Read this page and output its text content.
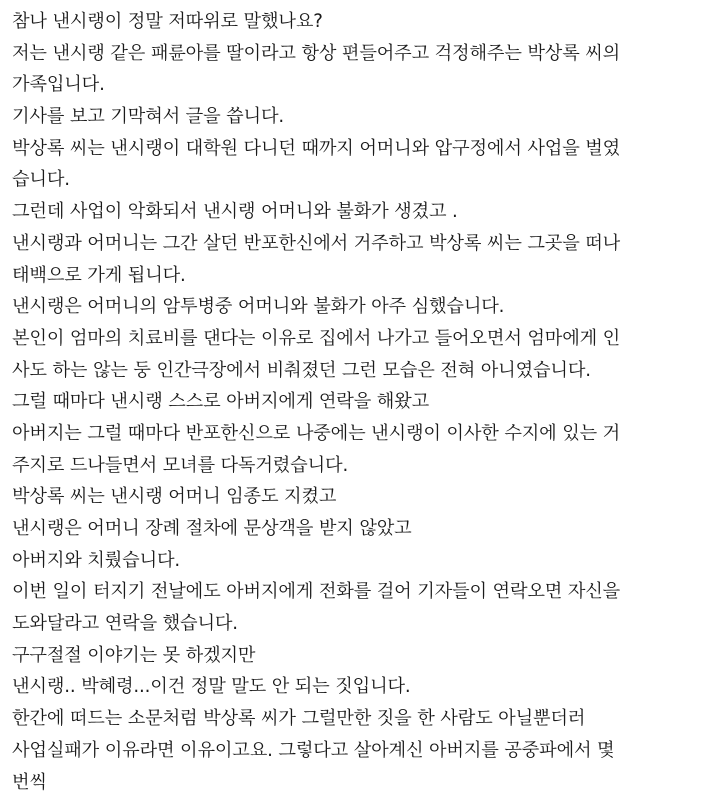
참나 낸시랭이 정말 저따위로 말했나요?
저는 낸시랭 같은 패륜아를 딸이라고 항상 편들어주고 걱정해주는 박상록 씨의
가족입니다.
기사를 보고 기막혀서 글을 씁니다.
박상록 씨는 낸시랭이 대학원 다니던 때까지 어머니와 압구정에서 사업을 벌였
습니다.
그런데 사업이 악화되서 낸시랭 어머니와 불화가 생겼고 .
낸시랭과 어머니는 그간 살던 반포한신에서 거주하고 박상록 씨는 그곳을 떠나
태백으로 가게 됩니다.
낸시랭은 어머니의 암투병중 어머니와 불화가 아주 심했습니다.
본인이 엄마의 치료비를 댄다는 이유로 집에서 나가고 들어오면서 엄마에게 인
사도 하는 않는 둥 인간극장에서 비춰졌던 그런 모습은 전혀 아니였습니다.
그럴 때마다 낸시랭 스스로 아버지에게 연락을 해왔고
아버지는 그럴 때마다 반포한신으로 나중에는 낸시랭이 이사한 수지에 있는 거
주지로 드나들면서 모녀를 다독거렸습니다.
박상록 씨는 낸시랭 어머니 임종도 지켰고
낸시랭은 어머니 장례 절차에 문상객을 받지 않았고
아버지와 치뤘습니다.
이번 일이 터지기 전날에도 아버지에게 전화를 걸어 기자들이 연락오면 자신을
도와달라고 연락을 했습니다.
구구절절 이야기는 못 하겠지만
낸시랭.. 박혜령...이건 정말 말도 안 되는 짓입니다.
한간에 떠드는 소문처럼 박상록 씨가 그럴만한 짓을 한 사람도 아닐뿐더러
사업실패가 이유라면 이유이고요. 그렇다고 살아계신 아버지를 공중파에서 몇
번씩
